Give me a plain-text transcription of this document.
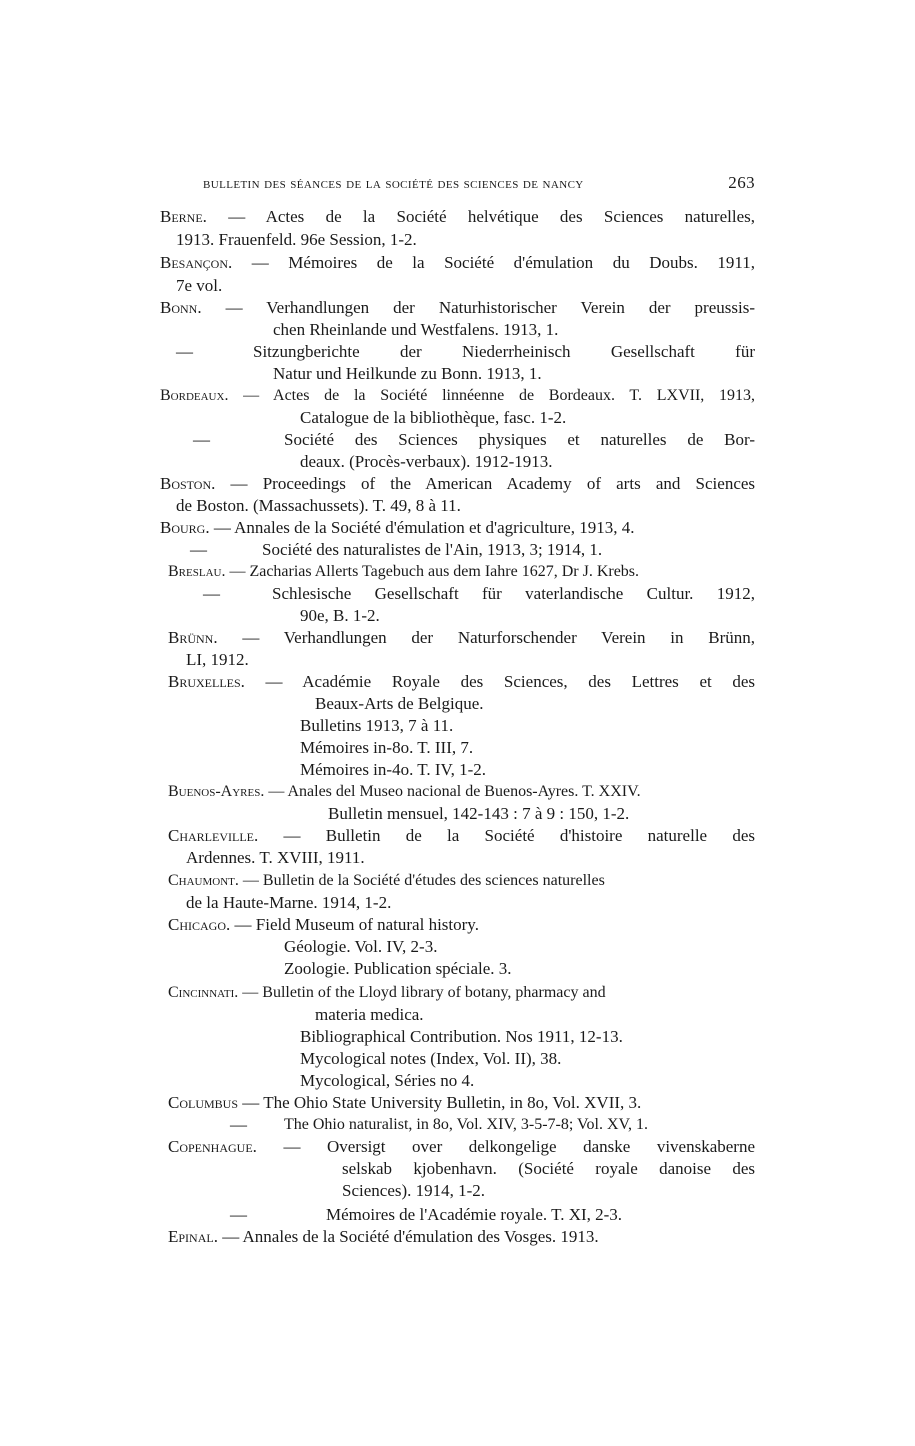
bulletin des séances de la société des sciences de nancy	263
Berne. — Actes de la Société helvétique des Sciences naturelles,
1913. Frauenfeld. 96e Session, 1-2.
Besançon. — Mémoires de la Société d'émulation du Doubs. 1911,
7e vol.
Bonn. — Verhandlungen der Naturhistorischer Verein der preussis-
chen Rheinlande und Westfalens. 1913, 1.
—	Sitzungberichte der Niederrheinisch Gesellschaft für
Natur und Heilkunde zu Bonn. 1913, 1.
Bordeaux. — Actes de la Société linnéenne de Bordeaux. T. LXVII, 1913,
Catalogue de la bibliothèque, fasc. 1-2.
—	Société des Sciences physiques et naturelles de Bor-
deaux. (Procès-verbaux). 1912-1913.
Boston. — Proceedings of the American Academy of arts and Sciences
de Boston. (Massachussets). T. 49, 8 à 11.
Bourg. — Annales de la Société d'émulation et d'agriculture, 1913, 4.
—	Société des naturalistes de l'Ain, 1913, 3; 1914, 1.
Breslau. — Zacharias Allerts Tagebuch aus dem Iahre 1627, Dr J. Krebs.
—	Schlesische Gesellschaft für vaterlandische Cultur. 1912,
90e, B. 1-2.
Brünn. — Verhandlungen der Naturforschender Verein in Brünn,
LI, 1912.
Bruxelles. — Académie Royale des Sciences, des Lettres et des
Beaux-Arts de Belgique.
Bulletins 1913, 7 à 11.
Mémoires in-8o. T. III, 7.
Mémoires in-4o. T. IV, 1-2.
Buenos-Ayres. — Anales del Museo nacional de Buenos-Ayres. T. XXIV.
Bulletin mensuel, 142-143 : 7 à 9 : 150, 1-2.
Charleville. — Bulletin de la Société d'histoire naturelle des
Ardennes. T. XVIII, 1911.
Chaumont. — Bulletin de la Société d'études des sciences naturelles
de la Haute-Marne. 1914, 1-2.
Chicago. — Field Museum of natural history.
Géologie. Vol. IV, 2-3.
Zoologie. Publication spéciale. 3.
Cincinnati. — Bulletin of the Lloyd library of botany, pharmacy and
materia medica.
Bibliographical Contribution. Nos 1911, 12-13.
Mycological notes (Index, Vol. II), 38.
Mycological, Séries no 4.
Columbus — The Ohio State University Bulletin, in 8o, Vol. XVII, 3.
— The Ohio naturalist, in 8o, Vol. XIV, 3-5-7-8; Vol. XV, 1.
Copenhague. — Oversigt over delkongelige danske vivenskaberne
selskab kjobenhavn. (Société royale danoise des
Sciences). 1914, 1-2.
—	Mémoires de l'Académie royale. T. XI, 2-3.
Epinal. — Annales de la Société d'émulation des Vosges. 1913.
